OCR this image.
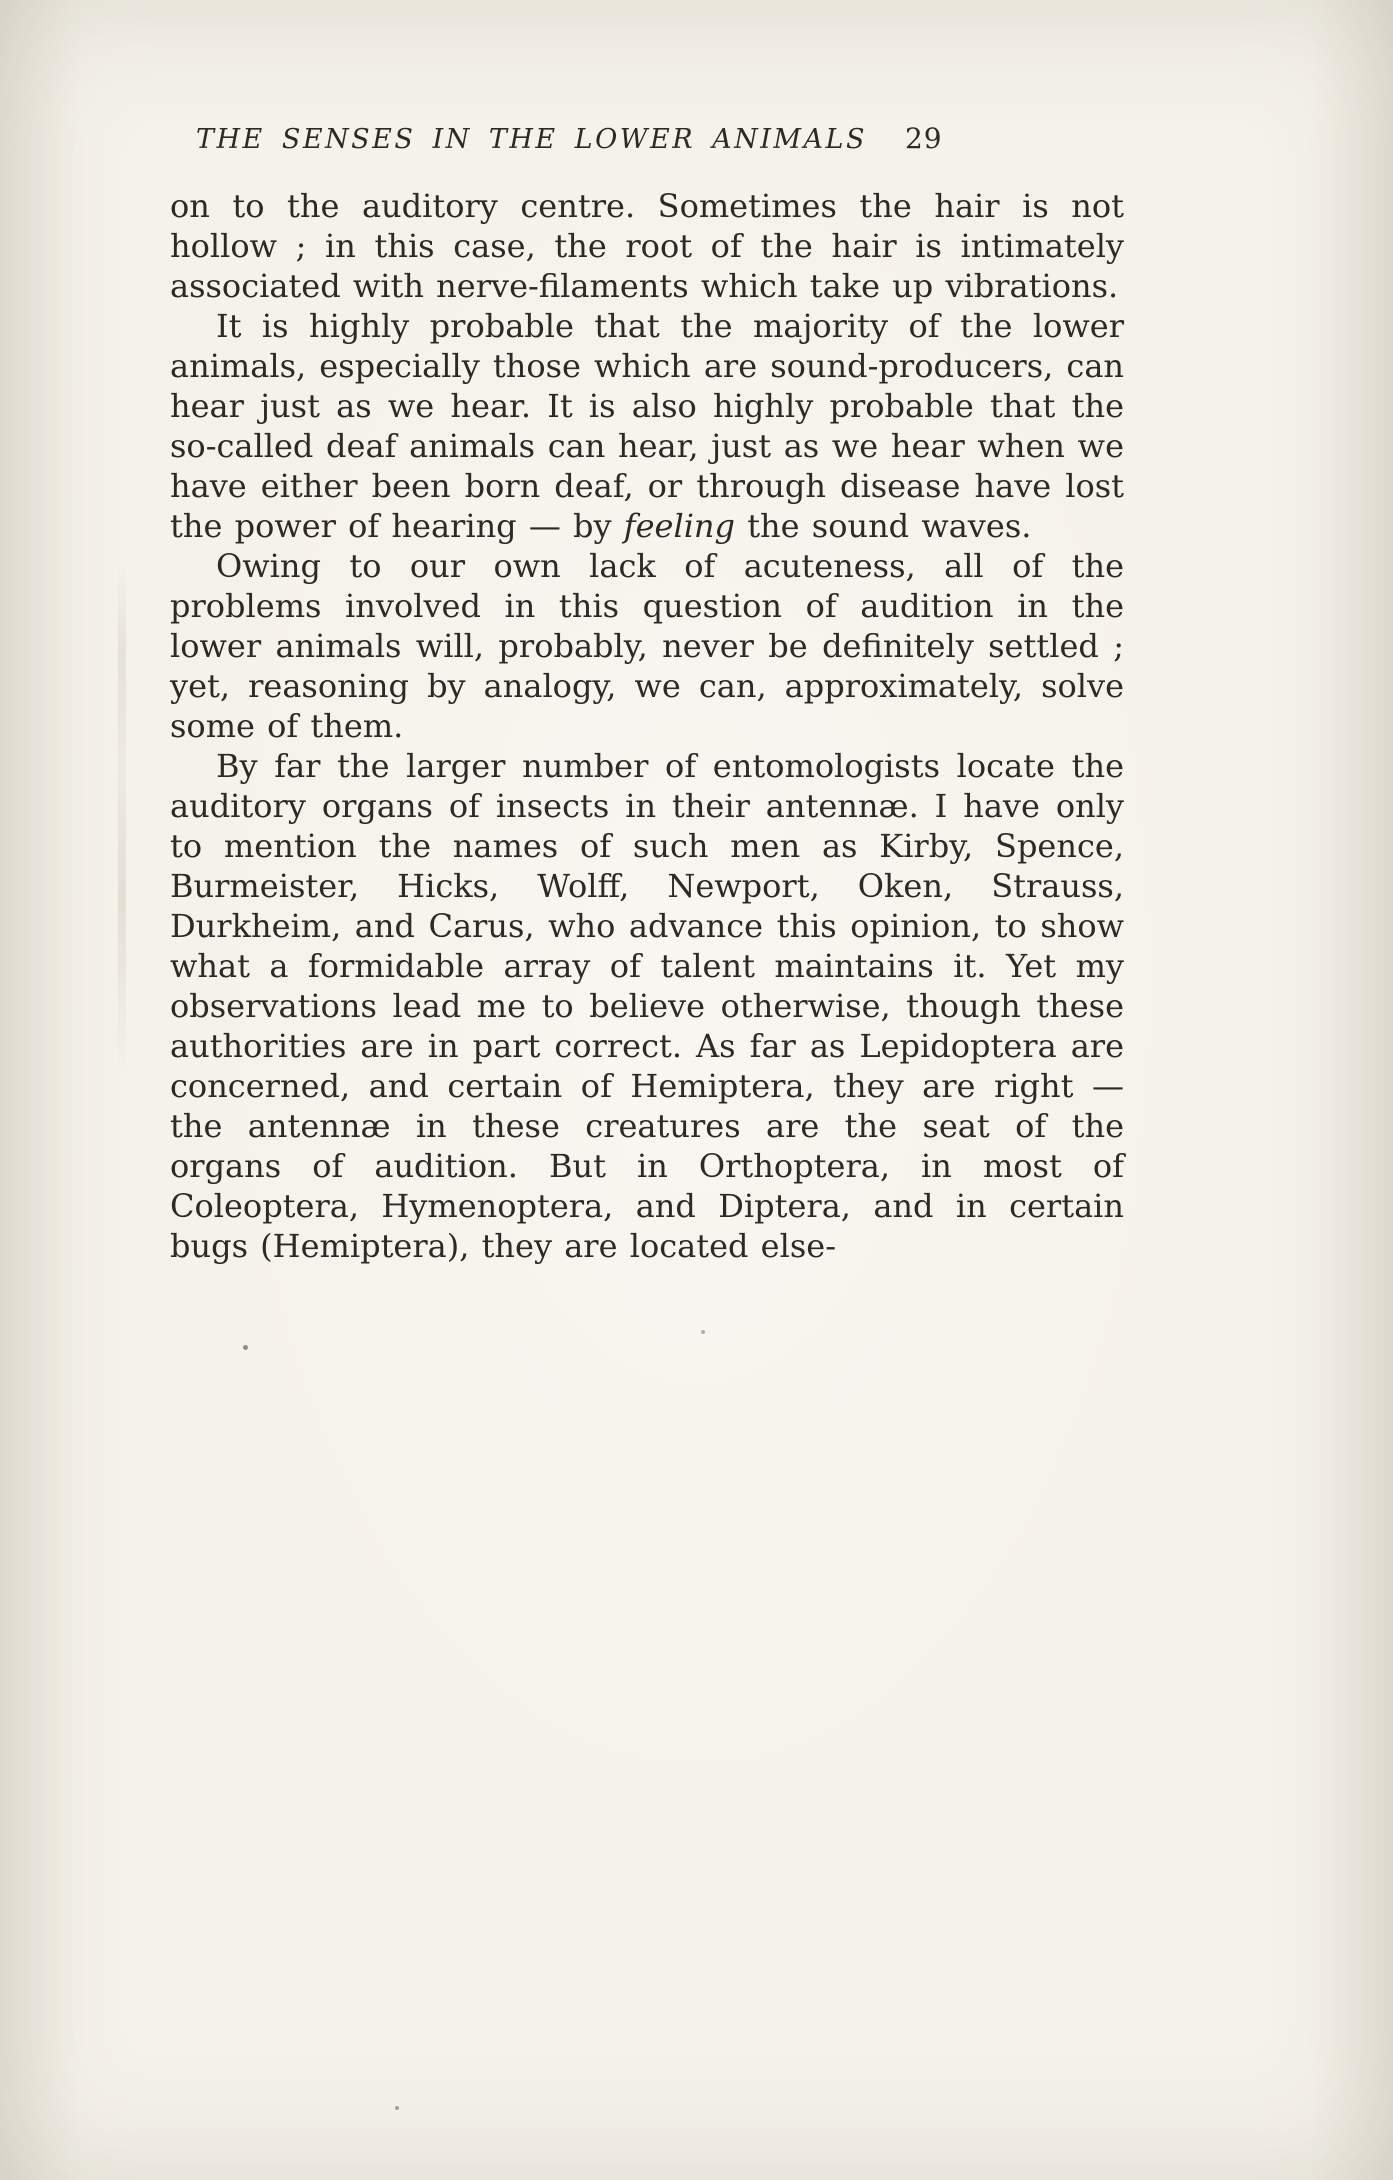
THE SENSES IN THE LOWER ANIMALS 29

on to the auditory centre. Sometimes the hair is not hollow ; in this case, the root of the hair is intimately associated with nerve-filaments which take up vibrations.

It is highly probable that the majority of the lower animals, especially those which are sound-producers, can hear just as we hear. It is also highly probable that the so-called deaf animals can hear, just as we hear when we have either been born deaf, or through disease have lost the power of hearing — by feeling the sound waves.

Owing to our own lack of acuteness, all of the problems involved in this question of audition in the lower animals will, probably, never be definitely settled ; yet, reasoning by analogy, we can, approximately, solve some of them.

By far the larger number of entomologists locate the auditory organs of insects in their antennæ. I have only to mention the names of such men as Kirby, Spence, Burmeister, Hicks, Wolff, Newport, Oken, Strauss, Durkheim, and Carus, who advance this opinion, to show what a formidable array of talent maintains it. Yet my observations lead me to believe otherwise, though these authorities are in part correct. As far as Lepidoptera are concerned, and certain of Hemiptera, they are right — the antennæ in these creatures are the seat of the organs of audition. But in Orthoptera, in most of Coleoptera, Hymenoptera, and Diptera, and in certain bugs (Hemiptera), they are located else-
